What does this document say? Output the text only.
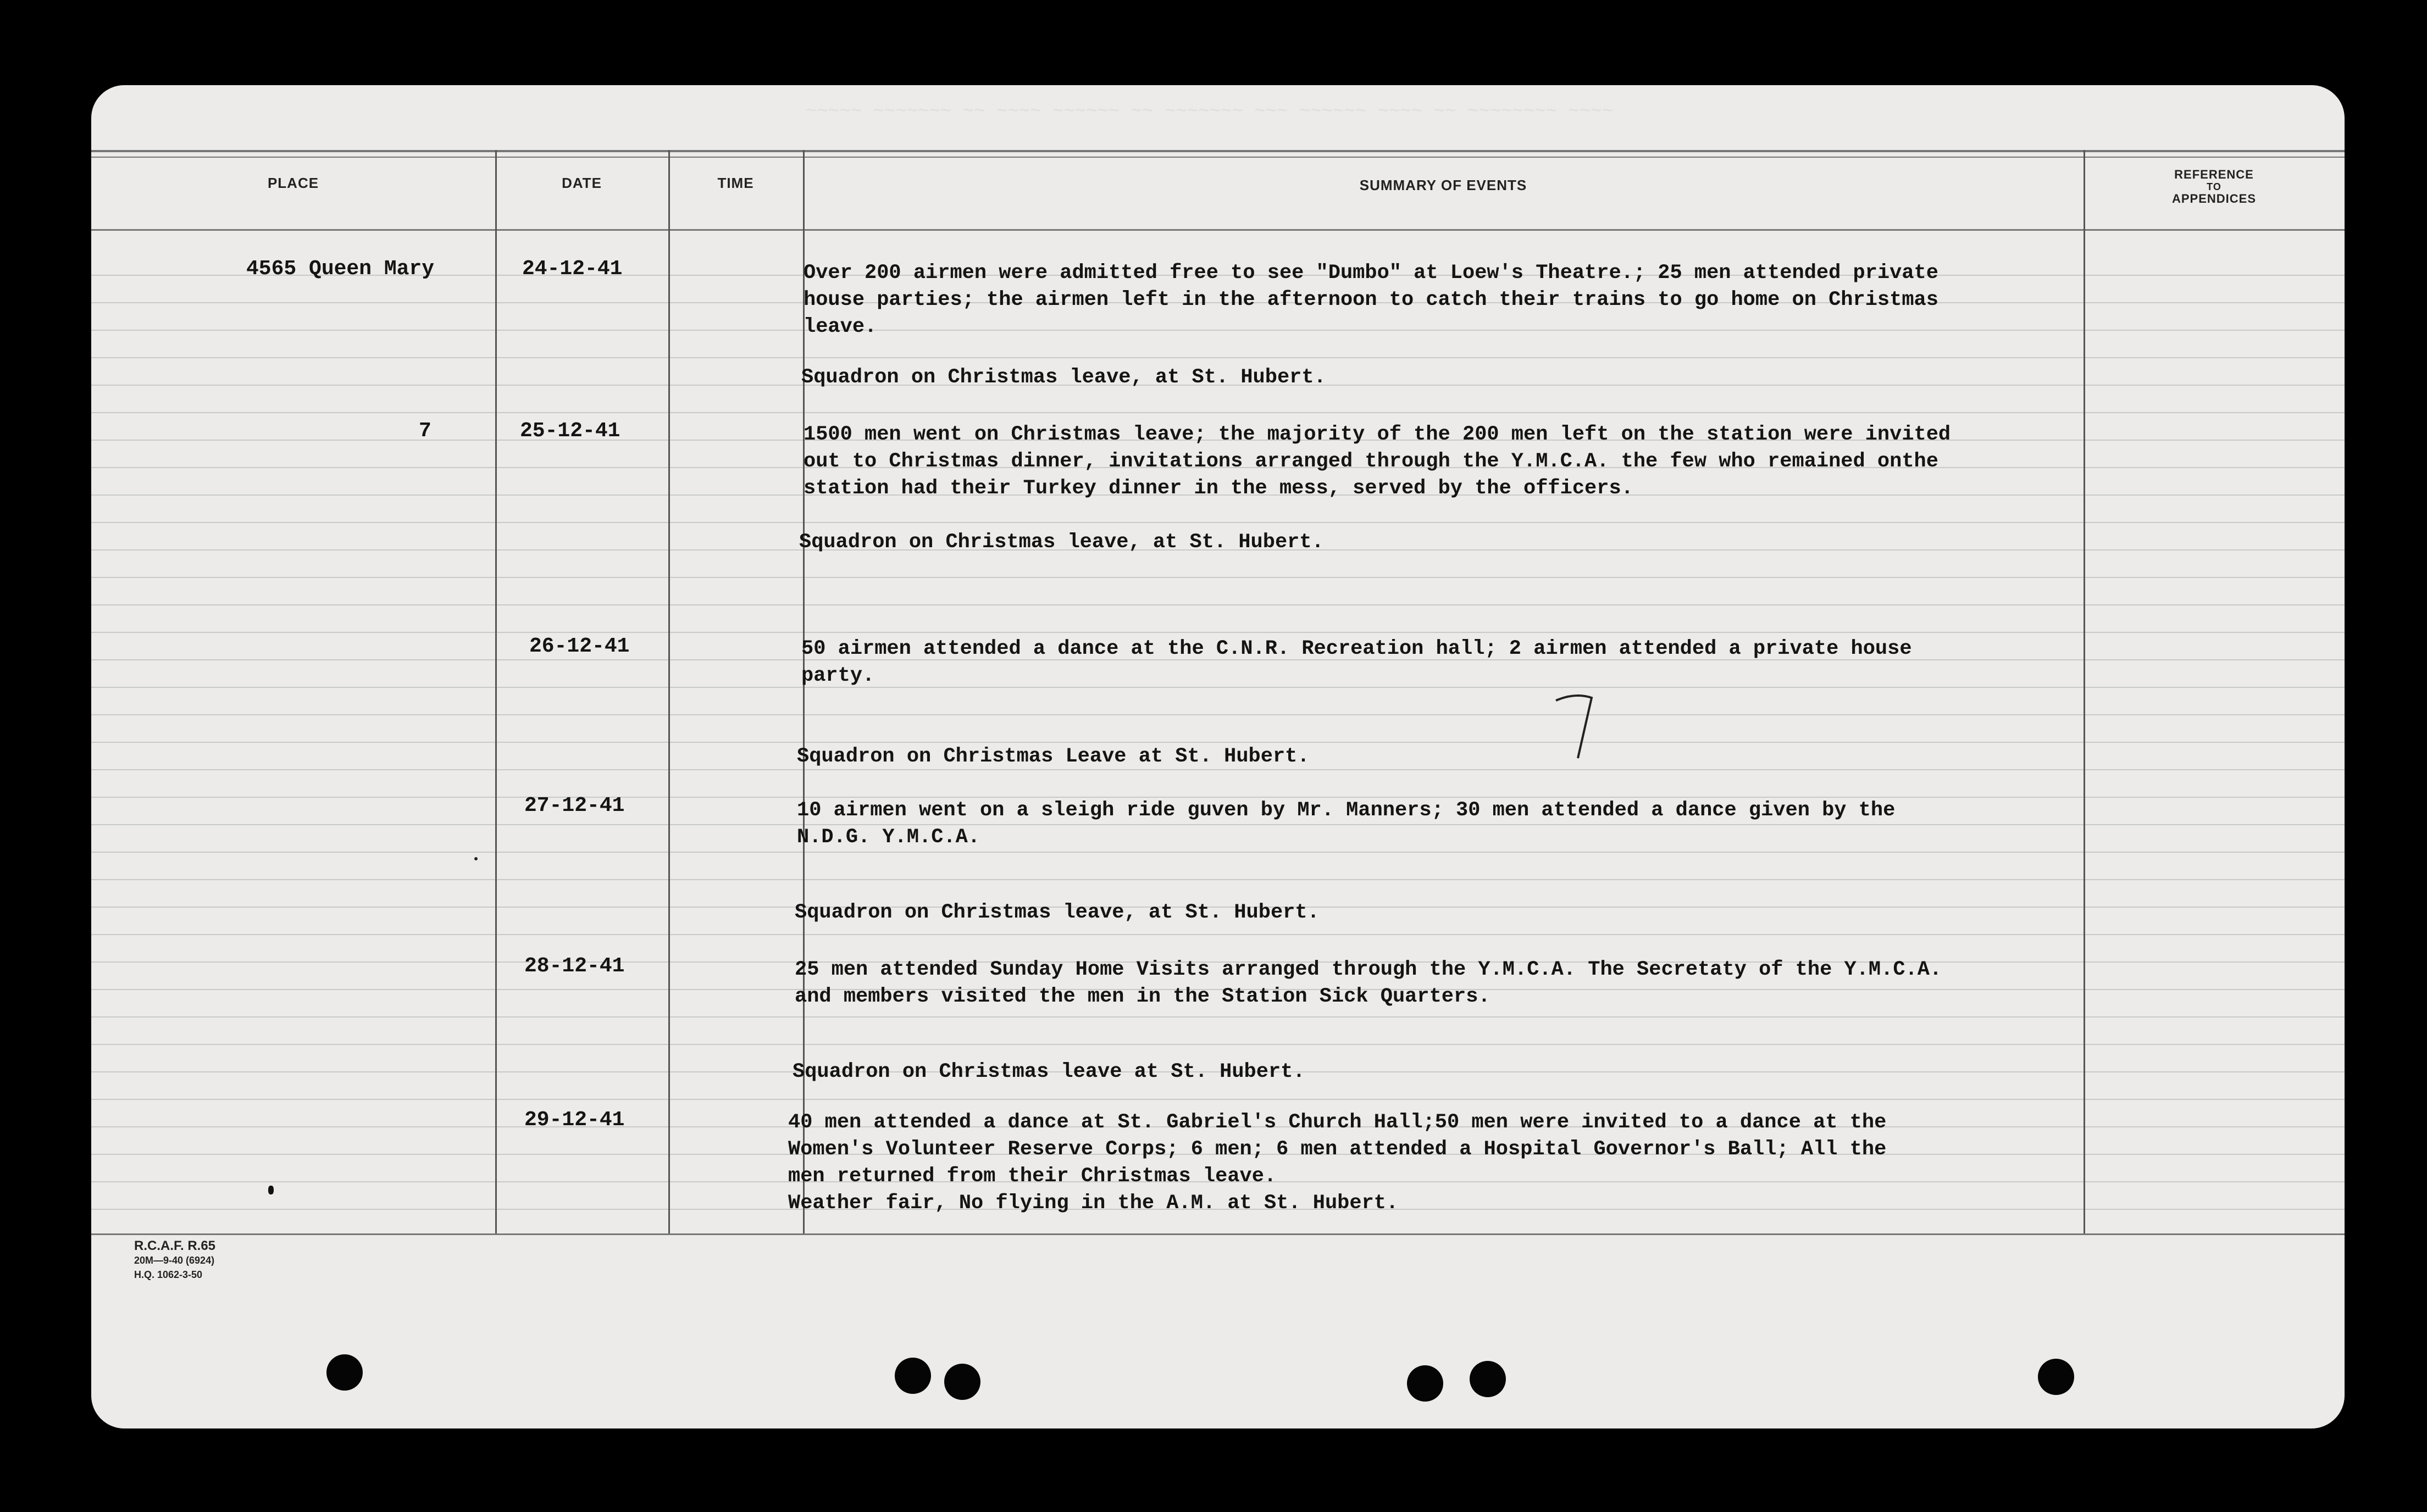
~~~~~ ~~~~~~~ ~~ ~~~~ ~~~~~~ ~~ ~~~~~~~ ~~~ ~~~~~~ ~~~~ ~~ ~~~~~~~~ ~~~~
PLACE	DATE	TIME	SUMMARY OF EVENTS
REFERENCE
TO
APPENDICES
4565 Queen Mary	24-12-41	Over 200 airmen were admitted free to see "Dumbo" at Loew's Theatre.; 25 men attended private
house parties; the airmen left in the afternoon to catch their trains to go home on Christmas
leave.
Squadron on Christmas leave, at St. Hubert.
7	25-12-41	1500 men went on Christmas leave; the majority of the 200 men left on the station were invited
out to Christmas dinner, invitations arranged through the Y.M.C.A. the few who remained onthe
station had their Turkey dinner in the mess, served by the officers.
Squadron on Christmas leave, at St. Hubert.
26-12-41	50 airmen attended a dance at the C.N.R. Recreation hall; 2 airmen attended a private house
party.
Squadron on Christmas Leave at St. Hubert.
27-12-41	10 airmen went on a sleigh ride guven by Mr. Manners; 30 men attended a dance given by the
N.D.G. Y.M.C.A.
Squadron on Christmas leave, at St. Hubert.
28-12-41	25 men attended Sunday Home Visits arranged through the Y.M.C.A. The Secretaty of the Y.M.C.A.
and members visited the men in the Station Sick Quarters.
Squadron on Christmas leave at St. Hubert.
29-12-41	40 men attended a dance at St. Gabriel's Church Hall;50 men were invited to a dance at the
Women's Volunteer Reserve Corps; 6 men; 6 men attended a Hospital Governor's Ball; All the
men returned from their Christmas leave.
Weather fair, No flying in the A.M. at St. Hubert.
R.C.A.F. R.65
20M—9-40 (6924)
H.Q. 1062-3-50
